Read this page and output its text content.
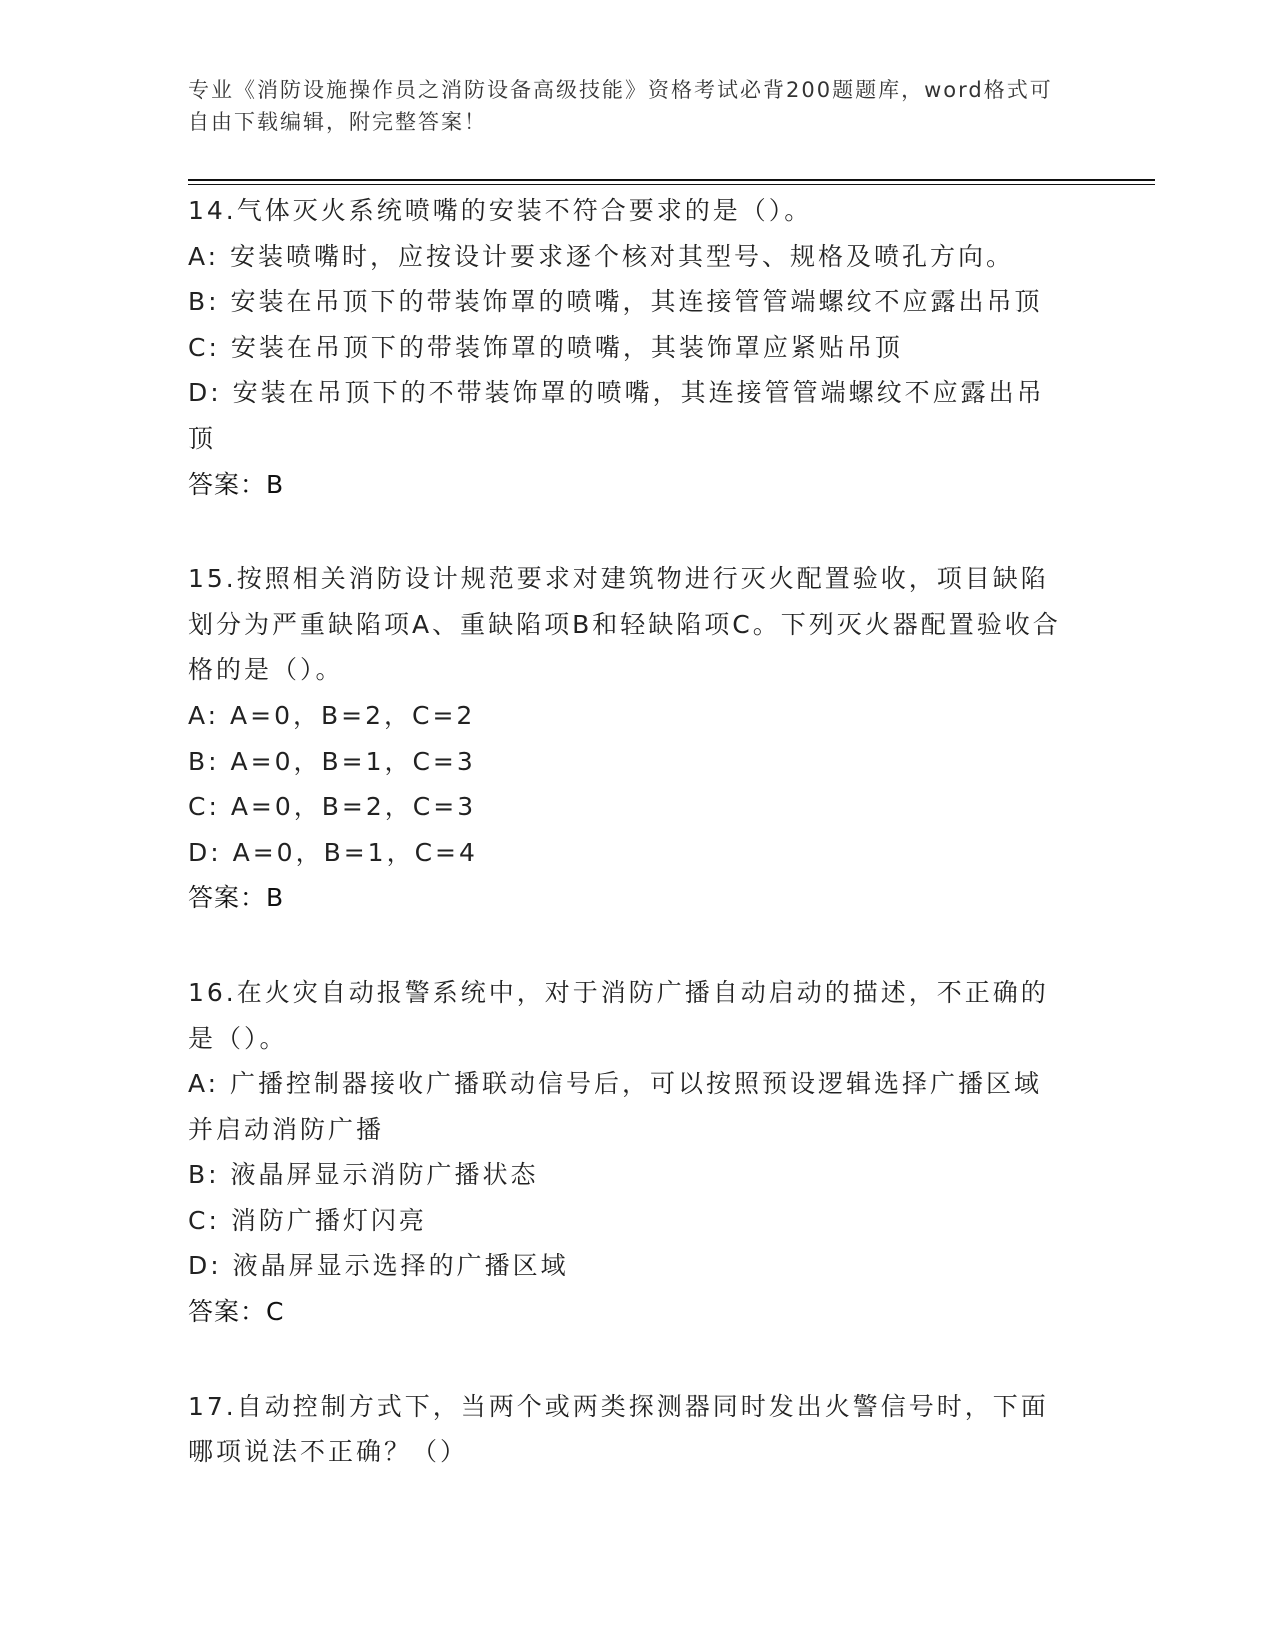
专业《消防设施操作员之消防设备高级技能》资格考试必背200题题库，word格式可自由下载编辑，附完整答案！
14.气体灭火系统喷嘴的安装不符合要求的是（）。
A: 安装喷嘴时，应按设计要求逐个核对其型号、规格及喷孔方向。
B: 安装在吊顶下的带装饰罩的喷嘴，其连接管管端螺纹不应露出吊顶
C: 安装在吊顶下的带装饰罩的喷嘴，其装饰罩应紧贴吊顶
D: 安装在吊顶下的不带装饰罩的喷嘴，其连接管管端螺纹不应露出吊顶
答案：B
15.按照相关消防设计规范要求对建筑物进行灭火配置验收，项目缺陷划分为严重缺陷项A、重缺陷项B和轻缺陷项C。下列灭火器配置验收合格的是（）。
A: A=0，B=2，C=2
B: A=0，B=1，C=3
C: A=0，B=2，C=3
D: A=0，B=1，C=4
答案：B
16.在火灾自动报警系统中，对于消防广播自动启动的描述，不正确的是（）。
A: 广播控制器接收广播联动信号后，可以按照预设逻辑选择广播区域并启动消防广播
B: 液晶屏显示消防广播状态
C: 消防广播灯闪亮
D: 液晶屏显示选择的广播区域
答案：C
17.自动控制方式下，当两个或两类探测器同时发出火警信号时，下面哪项说法不正确？（）
